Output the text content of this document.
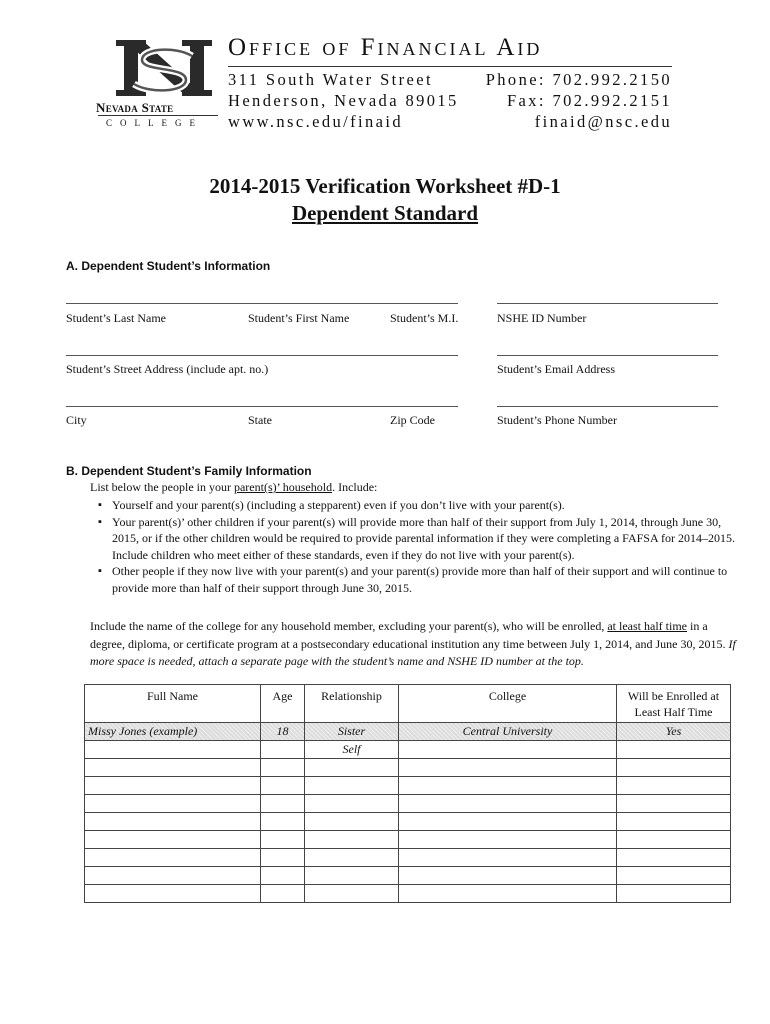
Nevada State
COLLEGE
Office of Financial Aid
311 South Water Street
Henderson, Nevada 89015
www.nsc.edu/finaid
Phone: 702.992.2150
Fax: 702.992.2151
finaid@nsc.edu
2014-2015 Verification Worksheet #D-1
Dependent Standard
A. Dependent Student’s Information
Student’s Last Name	Student’s First Name	Student’s M.I.	NSHE ID Number
Student’s Street Address (include apt. no.)	Student’s Email Address
City	State	Zip Code	Student’s Phone Number
B. Dependent Student’s Family Information
List below the people in your parent(s)’ household. Include:
▪ Yourself and your parent(s) (including a stepparent) even if you don’t live with your parent(s).
▪ Your parent(s)’ other children if your parent(s) will provide more than half of their support from July 1, 2014, through June 30, 2015, or if the other children would be required to provide parental information if they were completing a FAFSA for 2014–2015. Include children who meet either of these standards, even if they do not live with your parent(s).
▪ Other people if they now live with your parent(s) and your parent(s) provide more than half of their support and will continue to provide more than half of their support through June 30, 2015.
Include the name of the college for any household member, excluding your parent(s), who will be enrolled, at least half time in a degree, diploma, or certificate program at a postsecondary educational institution any time between July 1, 2014, and June 30, 2015. If more space is needed, attach a separate page with the student’s name and NSHE ID number at the top.
Full Name	Age	Relationship	College	Will be Enrolled at
Least Half Time
Missy Jones (example)	18	Sister	Central University	Yes
		Self		
